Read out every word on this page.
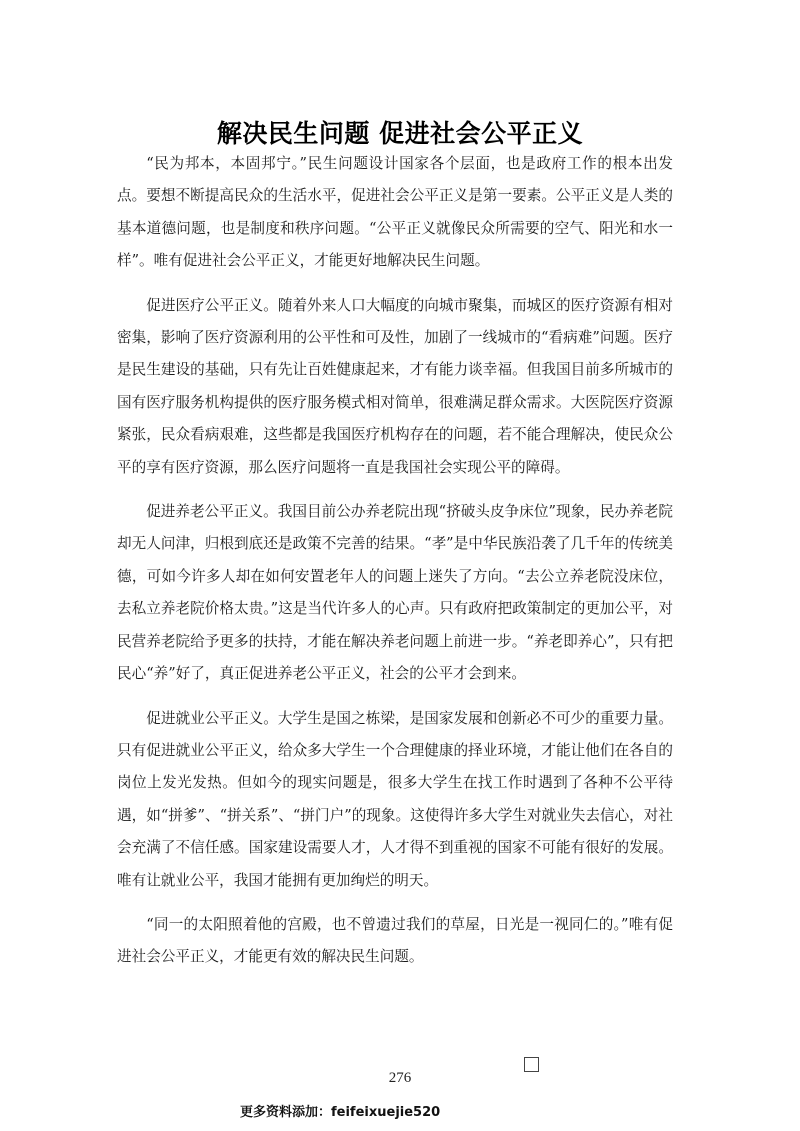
解决民生问题 促进社会公平正义

“民为邦本，本固邦宁。”民生问题设计国家各个层面，也是政府工作的根本出发点。要想不断提高民众的生活水平，促进社会公平正义是第一要素。公平正义是人类的基本道德问题，也是制度和秩序问题。“公平正义就像民众所需要的空气、阳光和水一样”。唯有促进社会公平正义，才能更好地解决民生问题。

促进医疗公平正义。随着外来人口大幅度的向城市聚集，而城区的医疗资源有相对密集，影响了医疗资源利用的公平性和可及性，加剧了一线城市的“看病难”问题。医疗是民生建设的基础，只有先让百姓健康起来，才有能力谈幸福。但我国目前多所城市的国有医疗服务机构提供的医疗服务模式相对简单，很难满足群众需求。大医院医疗资源紧张，民众看病艰难，这些都是我国医疗机构存在的问题，若不能合理解决，使民众公平的享有医疗资源，那么医疗问题将一直是我国社会实现公平的障碍。

促进养老公平正义。我国目前公办养老院出现“挤破头皮争床位”现象，民办养老院却无人问津，归根到底还是政策不完善的结果。“孝”是中华民族沿袭了几千年的传统美德，可如今许多人却在如何安置老年人的问题上迷失了方向。“去公立养老院没床位，去私立养老院价格太贵。”这是当代许多人的心声。只有政府把政策制定的更加公平，对民营养老院给予更多的扶持，才能在解决养老问题上前进一步。“养老即养心”，只有把民心“养”好了，真正促进养老公平正义，社会的公平才会到来。

促进就业公平正义。大学生是国之栋梁，是国家发展和创新必不可少的重要力量。只有促进就业公平正义，给众多大学生一个合理健康的择业环境，才能让他们在各自的岗位上发光发热。但如今的现实问题是，很多大学生在找工作时遇到了各种不公平待遇，如“拼爹”、“拼关系”、“拼门户”的现象。这使得许多大学生对就业失去信心，对社会充满了不信任感。国家建设需要人才，人才得不到重视的国家不可能有很好的发展。唯有让就业公平，我国才能拥有更加绚烂的明天。

“同一的太阳照着他的宫殿，也不曾遗过我们的草屋，日光是一视同仁的。”唯有促进社会公平正义，才能更有效的解决民生问题。

276
更多资料添加：feifeixuejie520
